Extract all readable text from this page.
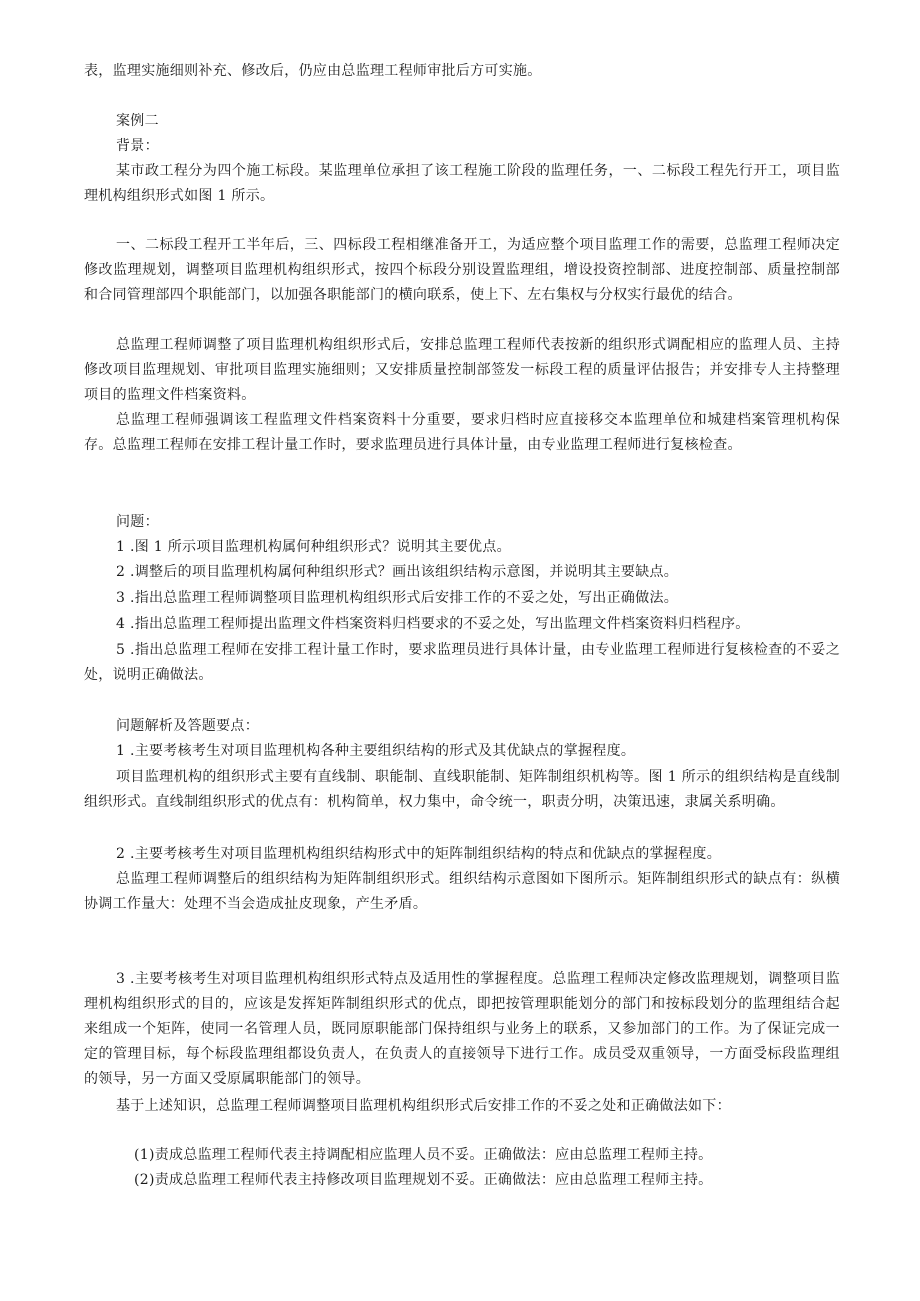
表，监理实施细则补充、修改后，仍应由总监理工程师审批后方可实施。

案例二

背景：

某市政工程分为四个施工标段。某监理单位承担了该工程施工阶段的监理任务，一、二标段工程先行开工，项目监理机构组织形式如图 1 所示。

一、二标段工程开工半年后，三、四标段工程相继准备开工，为适应整个项目监理工作的需要，总监理工程师决定修改监理规划，调整项目监理机构组织形式，按四个标段分别设置监理组，增设投资控制部、进度控制部、质量控制部和合同管理部四个职能部门，以加强各职能部门的横向联系，使上下、左右集权与分权实行最优的结合。

总监理工程师调整了项目监理机构组织形式后，安排总监理工程师代表按新的组织形式调配相应的监理人员、主持修改项目监理规划、审批项目监理实施细则；又安排质量控制部签发一标段工程的质量评估报告；并安排专人主持整理项目的监理文件档案资料。

总监理工程师强调该工程监理文件档案资料十分重要，要求归档时应直接移交本监理单位和城建档案管理机构保存。总监理工程师在安排工程计量工作时，要求监理员进行具体计量，由专业监理工程师进行复核检查。

问题：

1 .图 1 所示项目监理机构属何种组织形式？说明其主要优点。

2 .调整后的项目监理机构属何种组织形式？画出该组织结构示意图，并说明其主要缺点。

3 .指出总监理工程师调整项目监理机构组织形式后安排工作的不妥之处，写出正确做法。

4 .指出总监理工程师提出监理文件档案资料归档要求的不妥之处，写出监理文件档案资料归档程序。

5 .指出总监理工程师在安排工程计量工作时，要求监理员进行具体计量，由专业监理工程师进行复核检查的不妥之处，说明正确做法。

问题解析及答题要点：

1 .主要考核考生对项目监理机构各种主要组织结构的形式及其优缺点的掌握程度。

项目监理机构的组织形式主要有直线制、职能制、直线职能制、矩阵制组织机构等。图 1 所示的组织结构是直线制组织形式。直线制组织形式的优点有：机构简单，权力集中，命令统一，职责分明，决策迅速，隶属关系明确。

2 .主要考核考生对项目监理机构组织结构形式中的矩阵制组织结构的特点和优缺点的掌握程度。

总监理工程师调整后的组织结构为矩阵制组织形式。组织结构示意图如下图所示。矩阵制组织形式的缺点有：纵横协调工作量大：处理不当会造成扯皮现象，产生矛盾。

3 .主要考核考生对项目监理机构组织形式特点及适用性的掌握程度。总监理工程师决定修改监理规划，调整项目监理机构组织形式的目的，应该是发挥矩阵制组织形式的优点，即把按管理职能划分的部门和按标段划分的监理组结合起来组成一个矩阵，使同一名管理人员，既同原职能部门保持组织与业务上的联系，又参加部门的工作。为了保证完成一定的管理目标，每个标段监理组都设负责人，在负责人的直接领导下进行工作。成员受双重领导，一方面受标段监理组的领导，另一方面又受原属职能部门的领导。

基于上述知识，总监理工程师调整项目监理机构组织形式后安排工作的不妥之处和正确做法如下：

(1)责成总监理工程师代表主持调配相应监理人员不妥。正确做法：应由总监理工程师主持。

(2)责成总监理工程师代表主持修改项目监理规划不妥。正确做法：应由总监理工程师主持。
